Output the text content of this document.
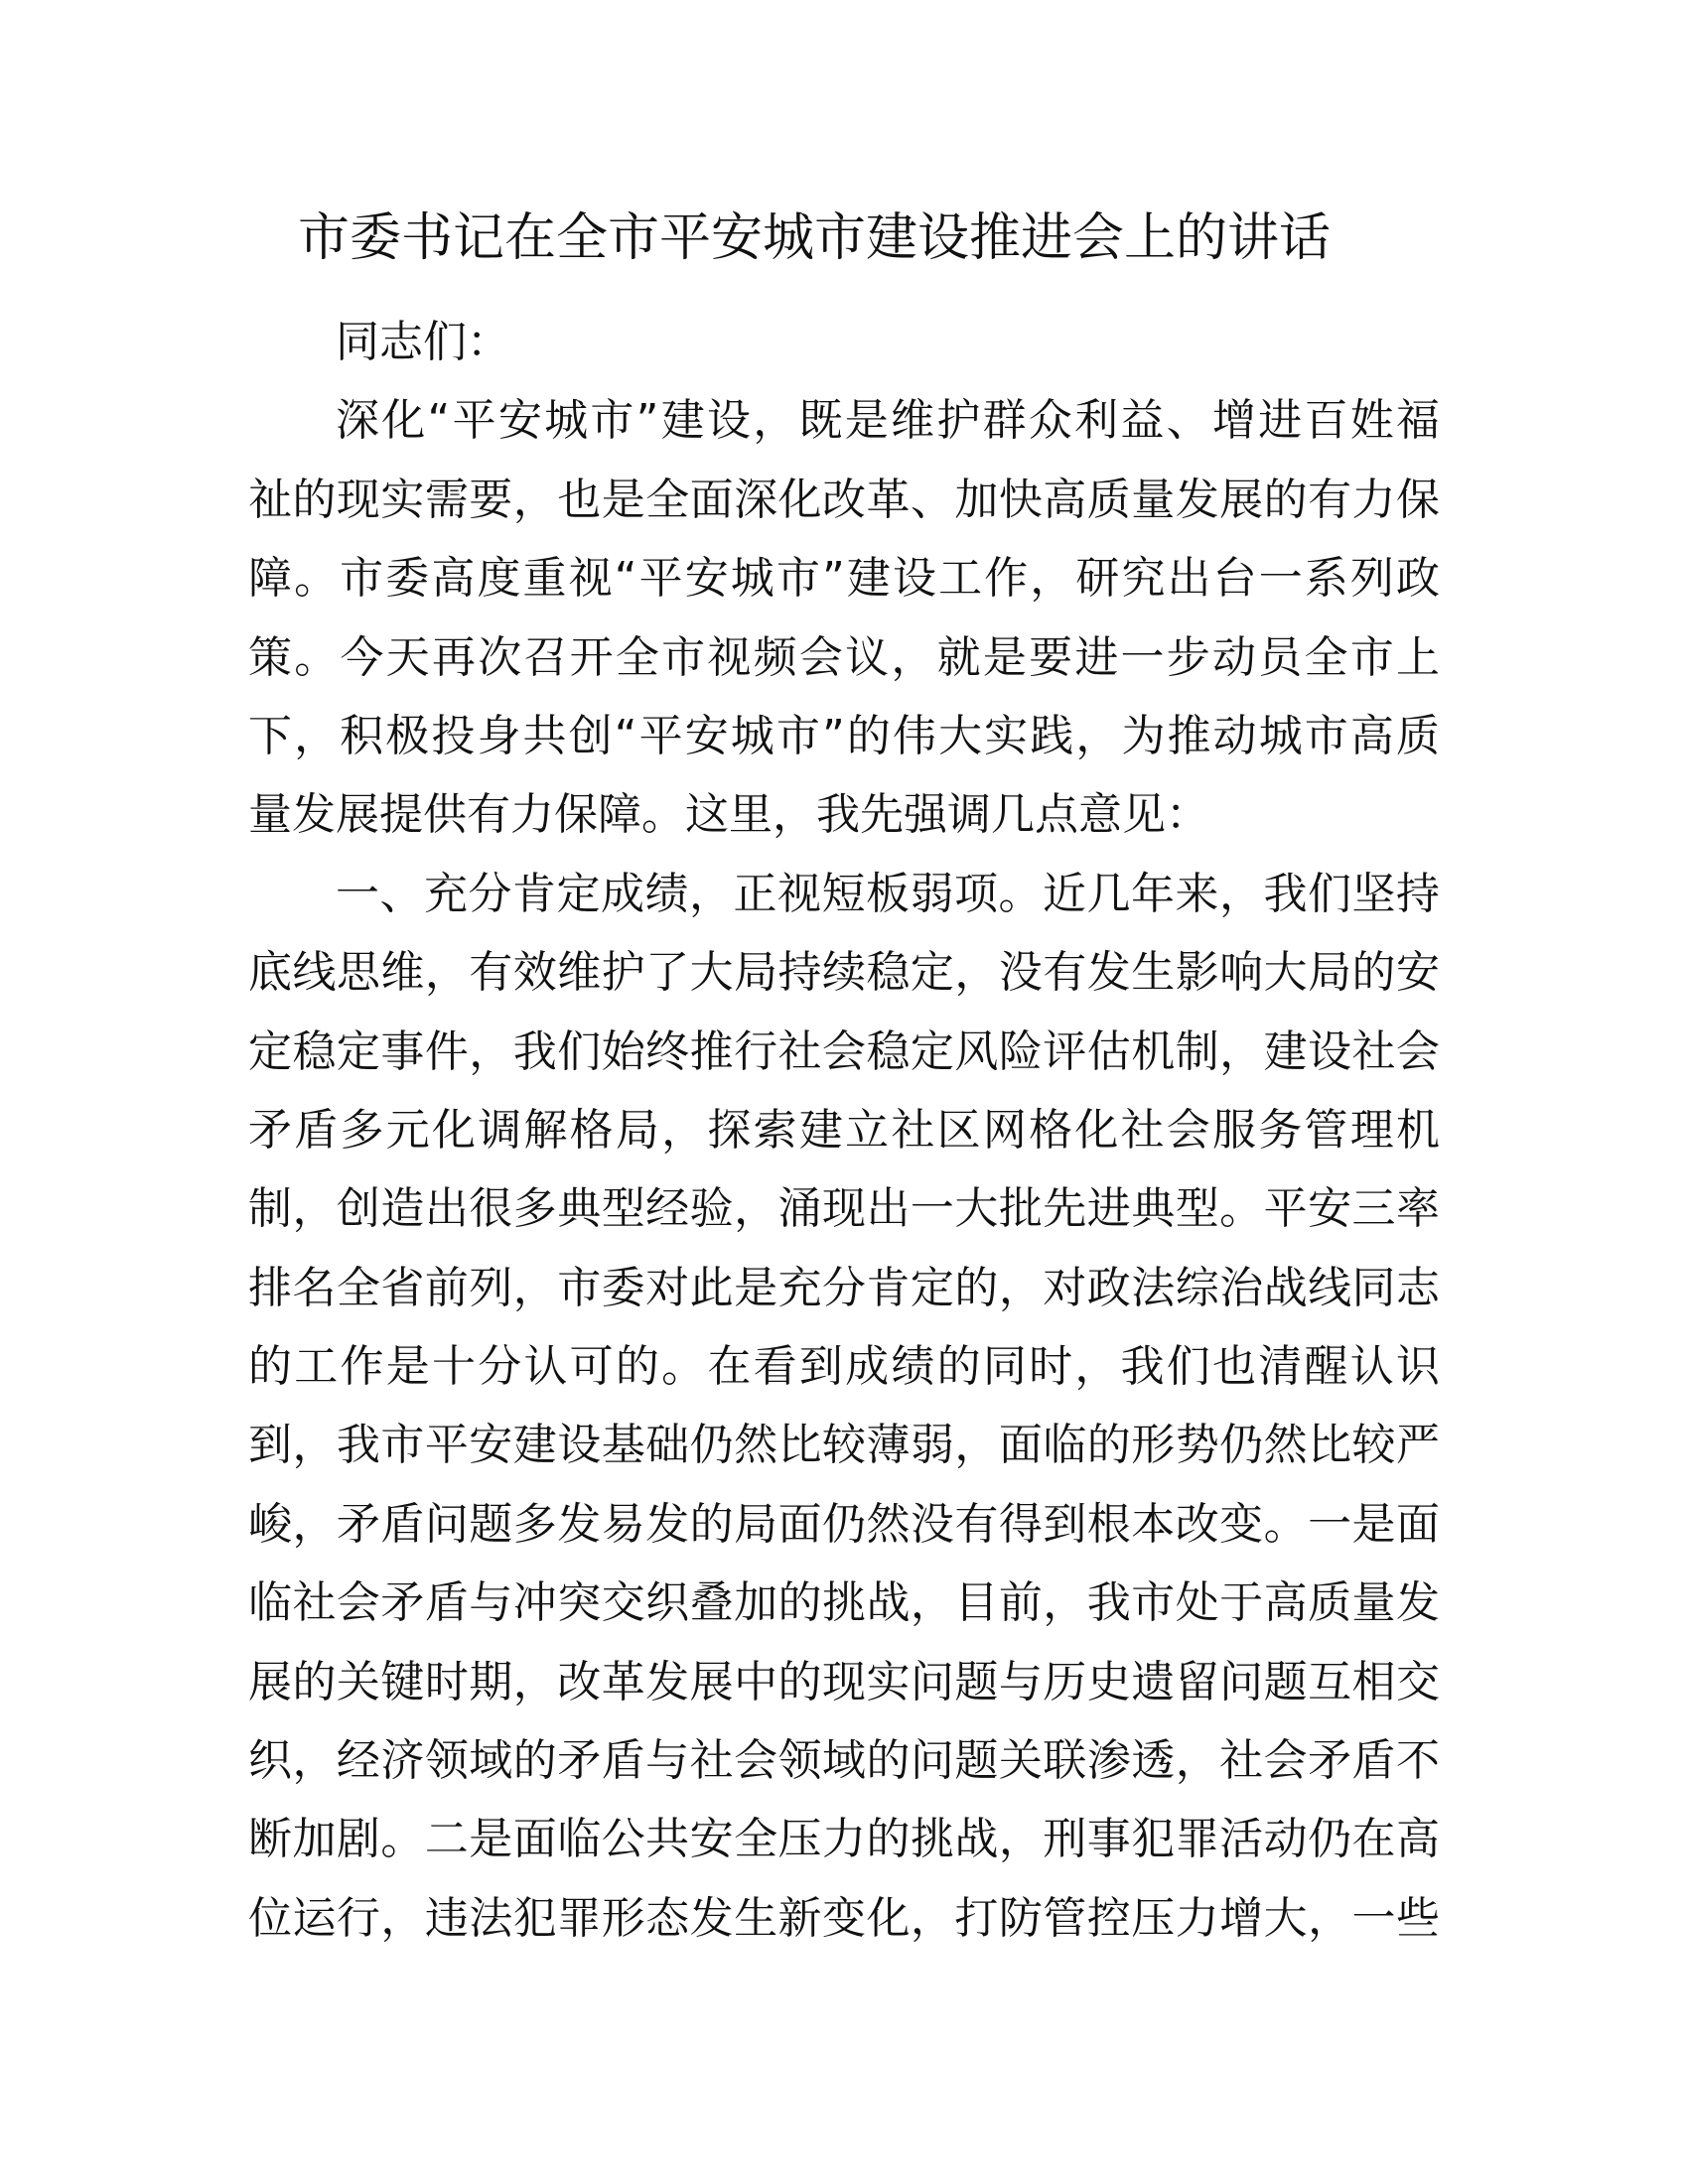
市委书记在全市平安城市建设推进会上的讲话
同志们：
深化“平安城市”建设，既是维护群众利益、增进百姓福
祉的现实需要，也是全面深化改革、加快高质量发展的有力保
障。市委高度重视“平安城市”建设工作，研究出台一系列政
策。今天再次召开全市视频会议，就是要进一步动员全市上
下，积极投身共创“平安城市”的伟大实践，为推动城市高质
量发展提供有力保障。这里，我先强调几点意见：
一、充分肯定成绩，正视短板弱项。近几年来，我们坚持
底线思维，有效维护了大局持续稳定，没有发生影响大局的安
定稳定事件，我们始终推行社会稳定风险评估机制，建设社会
矛盾多元化调解格局，探索建立社区网格化社会服务管理机
制，创造出很多典型经验，涌现出一大批先进典型。平安三率
排名全省前列，市委对此是充分肯定的，对政法综治战线同志
的工作是十分认可的。在看到成绩的同时，我们也清醒认识
到，我市平安建设基础仍然比较薄弱，面临的形势仍然比较严
峻，矛盾问题多发易发的局面仍然没有得到根本改变。一是面
临社会矛盾与冲突交织叠加的挑战，目前，我市处于高质量发
展的关键时期，改革发展中的现实问题与历史遗留问题互相交
织，经济领域的矛盾与社会领域的问题关联渗透，社会矛盾不
断加剧。二是面临公共安全压力的挑战，刑事犯罪活动仍在高
位运行，违法犯罪形态发生新变化，打防管控压力增大，一些
